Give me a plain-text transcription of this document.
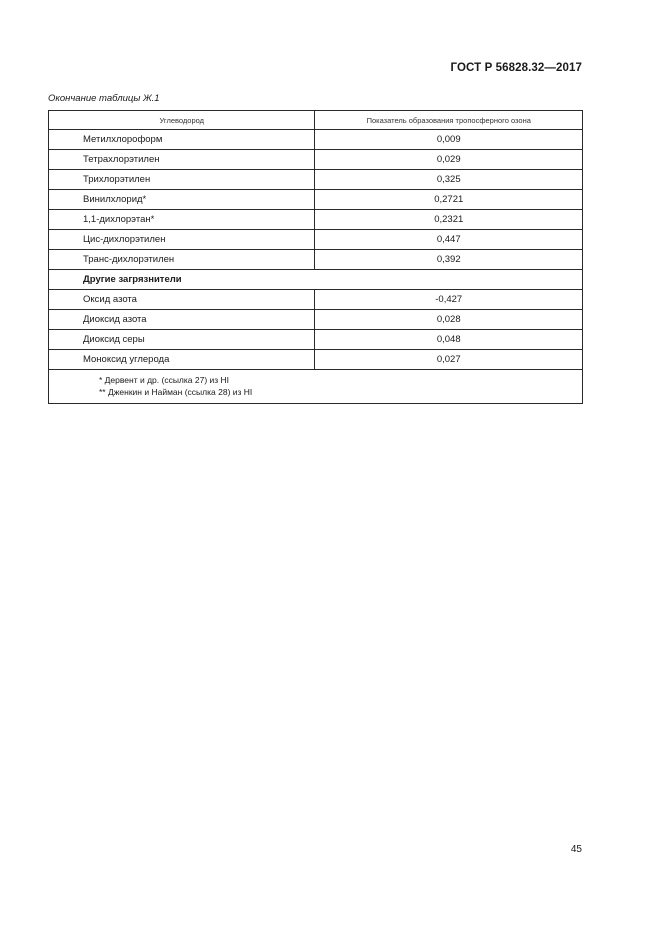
ГОСТ Р 56828.32—2017
Окончание таблицы Ж.1
Углеводород	Показатель образования тропосферного озона
Метилхлороформ	0,009
Тетрахлорэтилен	0,029
Трихлорэтилен	0,325
Винилхлорид*	0,2721
1,1-дихлорэтан*	0,2321
Цис-дихлорэтилен	0,447
Транс-дихлорэтилен	0,392
Другие загрязнители	
Оксид азота	-0,427
Диоксид азота	0,028
Диоксид серы	0,048
Моноксид углерода	0,027

* Дервент и др. (ссылка 27) из НI
** Дженкин и Найман (ссылка 28) из НI	
45
